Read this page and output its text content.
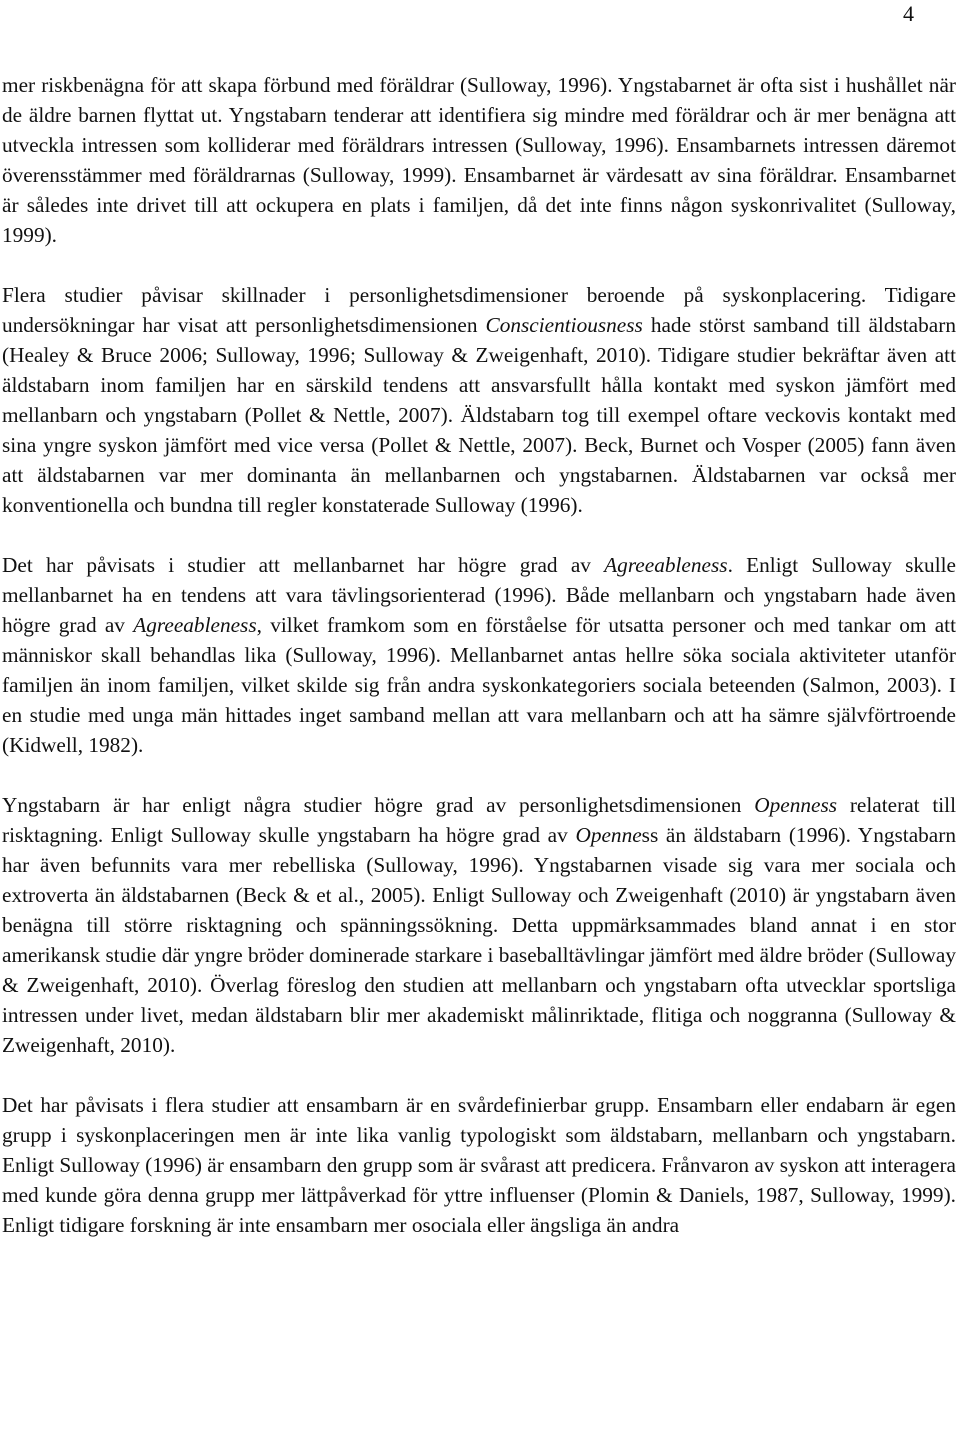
4

mer riskbenägna för att skapa förbund med föräldrar (Sulloway, 1996). Yngstabarnet är ofta sist i hushållet när de äldre barnen flyttat ut. Yngstabarn tenderar att identifiera sig mindre med föräldrar och är mer benägna att utveckla intressen som kolliderar med föräldrars intressen (Sulloway, 1996). Ensambarnets intressen däremot överensstämmer med föräldrarnas (Sulloway, 1999). Ensambarnet är värdesatt av sina föräldrar. Ensambarnet är således inte drivet till att ockupera en plats i familjen, då det inte finns någon syskonrivalitet (Sulloway, 1999).

Flera studier påvisar skillnader i personlighetsdimensioner beroende på syskonplacering. Tidigare undersökningar har visat att personlighetsdimensionen Conscientiousness hade störst samband till äldstabarn (Healey & Bruce 2006; Sulloway, 1996; Sulloway & Zweigenhaft, 2010). Tidigare studier bekräftar även att äldstabarn inom familjen har en särskild tendens att ansvarsfullt hålla kontakt med syskon jämfört med mellanbarn och yngstabarn (Pollet & Nettle, 2007). Äldstabarn tog till exempel oftare veckovis kontakt med sina yngre syskon jämfört med vice versa (Pollet & Nettle, 2007). Beck, Burnet och Vosper (2005) fann även att äldstabarnen var mer dominanta än mellanbarnen och yngstabarnen. Äldstabarnen var också mer konventionella och bundna till regler konstaterade Sulloway (1996).

Det har påvisats i studier att mellanbarnet har högre grad av Agreeableness. Enligt Sulloway skulle mellanbarnet ha en tendens att vara tävlingsorienterad (1996). Både mellanbarn och yngstabarn hade även högre grad av Agreeableness, vilket framkom som en förståelse för utsatta personer och med tankar om att människor skall behandlas lika (Sulloway, 1996). Mellanbarnet antas hellre söka sociala aktiviteter utanför familjen än inom familjen, vilket skilde sig från andra syskonkategoriers sociala beteenden (Salmon, 2003). I en studie med unga män hittades inget samband mellan att vara mellanbarn och att ha sämre självförtroende (Kidwell, 1982).

Yngstabarn är har enligt några studier högre grad av personlighetsdimensionen Openness relaterat till risktagning. Enligt Sulloway skulle yngstabarn ha högre grad av Openness än äldstabarn (1996). Yngstabarn har även befunnits vara mer rebelliska (Sulloway, 1996). Yngstabarnen visade sig vara mer sociala och extroverta än äldstabarnen (Beck & et al., 2005). Enligt Sulloway och Zweigenhaft (2010) är yngstabarn även benägna till större risktagning och spänningssökning. Detta uppmärksammades bland annat i en stor amerikansk studie där yngre bröder dominerade starkare i baseballtävlingar jämfört med äldre bröder (Sulloway & Zweigenhaft, 2010). Överlag föreslog den studien att mellanbarn och yngstabarn ofta utvecklar sportsliga intressen under livet, medan äldstabarn blir mer akademiskt målinriktade, flitiga och noggranna (Sulloway & Zweigenhaft, 2010).

Det har påvisats i flera studier att ensambarn är en svårdefinierbar grupp. Ensambarn eller endabarn är egen grupp i syskonplaceringen men är inte lika vanlig typologiskt som äldstabarn, mellanbarn och yngstabarn. Enligt Sulloway (1996) är ensambarn den grupp som är svårast att predicera. Frånvaron av syskon att interagera med kunde göra denna grupp mer lättpåverkad för yttre influenser (Plomin & Daniels, 1987, Sulloway, 1999). Enligt tidigare forskning är inte ensambarn mer osociala eller ängsliga än andra
